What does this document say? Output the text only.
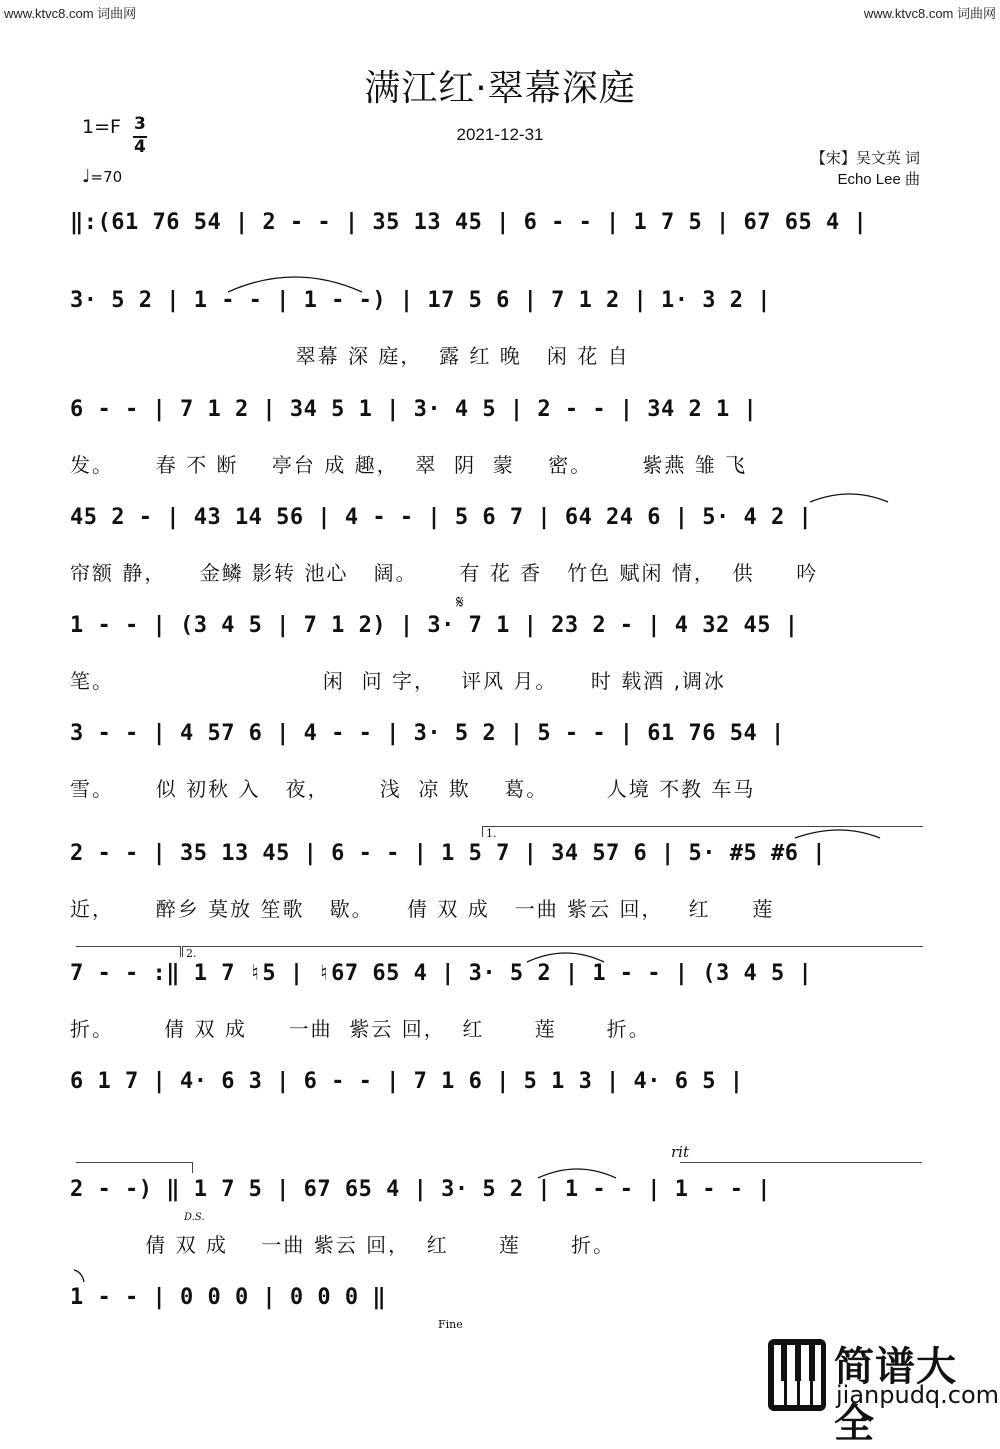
www.ktvc8.com 词曲网	www.ktvc8.com 词曲网
满江红·翠幕深庭
2021-12-31
1=F 3
4
♩=70
【宋】吴文英 词
Echo Lee 曲
‖:(61 76 54 | 2 - - | 35 13 45 | 6 - - | 1 7 5 | 67 65 4 |
3· 5 2 | 1 - - | 1 - -) | 17 5 6 | 7 1 2 | 1· 3 2 |
翠幕 深 庭，  露 红 晚   闲 花 自
6 - - | 7 1 2 | 34 5 1 | 3· 4 5 | 2 - - | 34 2 1 |
发。     春 不 断    亭台 成 趣，  翠  阴  蒙    密。      紫燕 雏 飞
45 2 - | 43 14 56 | 4 - - | 5 6 7 | 64 24 6 | 5· 4 2 |
帘额 静，    金鳞 影转 池心   阔。     有 花 香   竹色 赋闲 情，  供     吟
1 - - | (3 4 5 | 7 1 2) | 3· 7 1 | 23 2 - | 4 32 45 |
笔。                         闲  问 字，   评风 月。    时 载酒 ,调冰
3 - - | 4 57 6 | 4 - - | 3· 5 2 | 5 - - | 61 76 54 |
雪。     似 初秋 入   夜，      浅  凉 欺    葛。       人境 不教 车马
2 - - | 35 13 45 | 6 - - | 1 5 7 | 34 57 6 | 5· #5 #6 |
近，     醉乡 莫放 笙歌   歇。    倩 双 成   一曲 紫云 回，   红     莲
7 - - :‖ 1 7 ♮5 | ♮67 65 4 | 3· 5 2 | 1 - - | (3 4 5 |
折。      倩 双 成     一曲  紫云 回，  红      莲      折。
6 1 7 | 4· 6 3 | 6 - - | 7 1 6 | 5 1 3 | 4· 6 5 |
2 - -) ‖ 1 7 5 | 67 65 4 | 3· 5 2 | 1 - - | 1 - - |
倩 双 成    一曲 紫云 回，  红      莲      折。
1 - - | 0 0 0 | 0 0 0 ‖
1.
2.
𝄋
D.S.
rit
Fine
简谱大全
jianpudq.com
